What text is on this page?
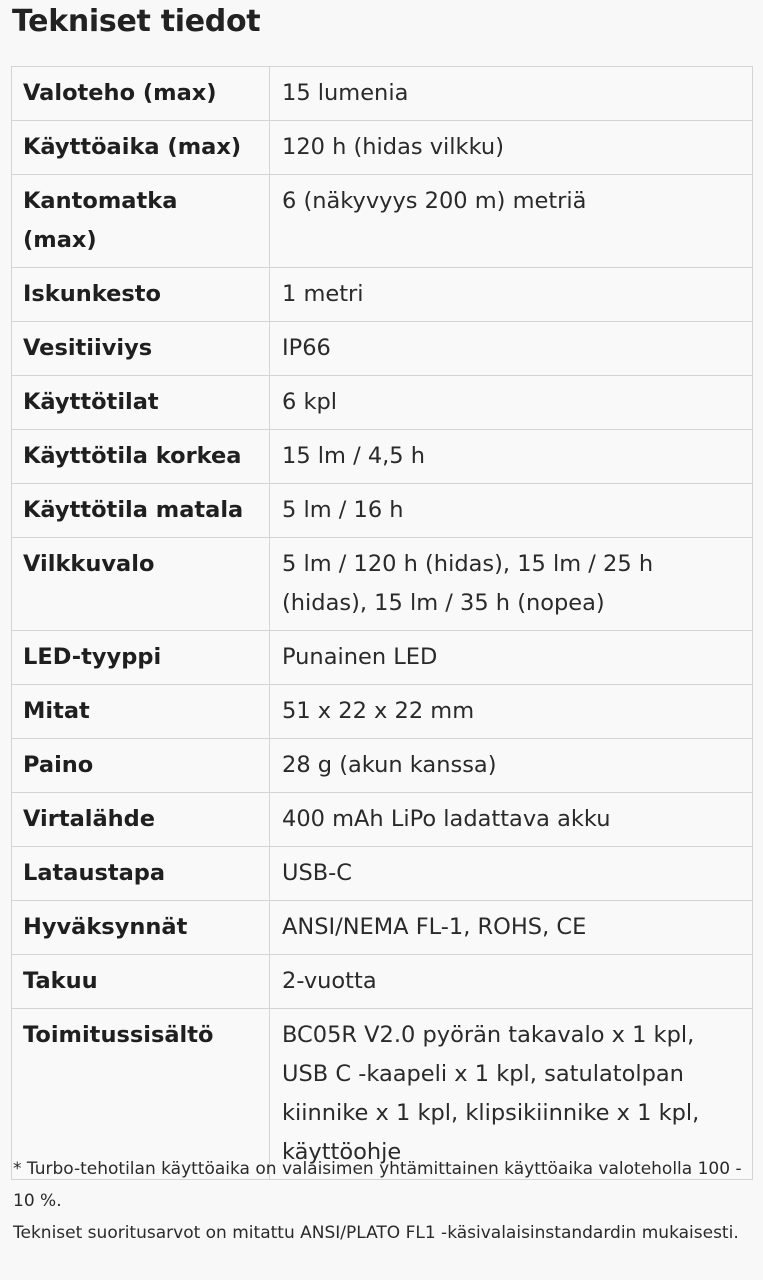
Tekniset tiedot
Valoteho (max)	15 lumenia
Käyttöaika (max)	120 h (hidas vilkku)
Kantomatka (max)	6 (näkyvyys 200 m) metriä
Iskunkesto	1 metri
Vesitiiviys	IP66
Käyttötilat	6 kpl
Käyttötila korkea	15 lm / 4,5 h
Käyttötila matala	5 lm / 16 h
Vilkkuvalo	5 lm / 120 h (hidas), 15 lm / 25 h (hidas), 15 lm / 35 h (nopea)
LED-tyyppi	Punainen LED
Mitat	51 x 22 x 22 mm
Paino	28 g (akun kanssa)
Virtalähde	400 mAh LiPo ladattava akku
Lataustapa	USB-C
Hyväksynnät	ANSI/NEMA FL-1, ROHS, CE
Takuu	2-vuotta
Toimitussisältö	BC05R V2.0 pyörän takavalo x 1 kpl, USB C -kaapeli x 1 kpl, satulatolpan kiinnike x 1 kpl, klipsikiinnike x 1 kpl, käyttöohje

* Turbo-tehotilan käyttöaika on valaisimen yhtämittainen käyttöaika valoteholla 100 - 10 %.

Tekniset suoritusarvot on mitattu ANSI/PLATO FL1 -käsivalaisinstandardin mukaisesti.
